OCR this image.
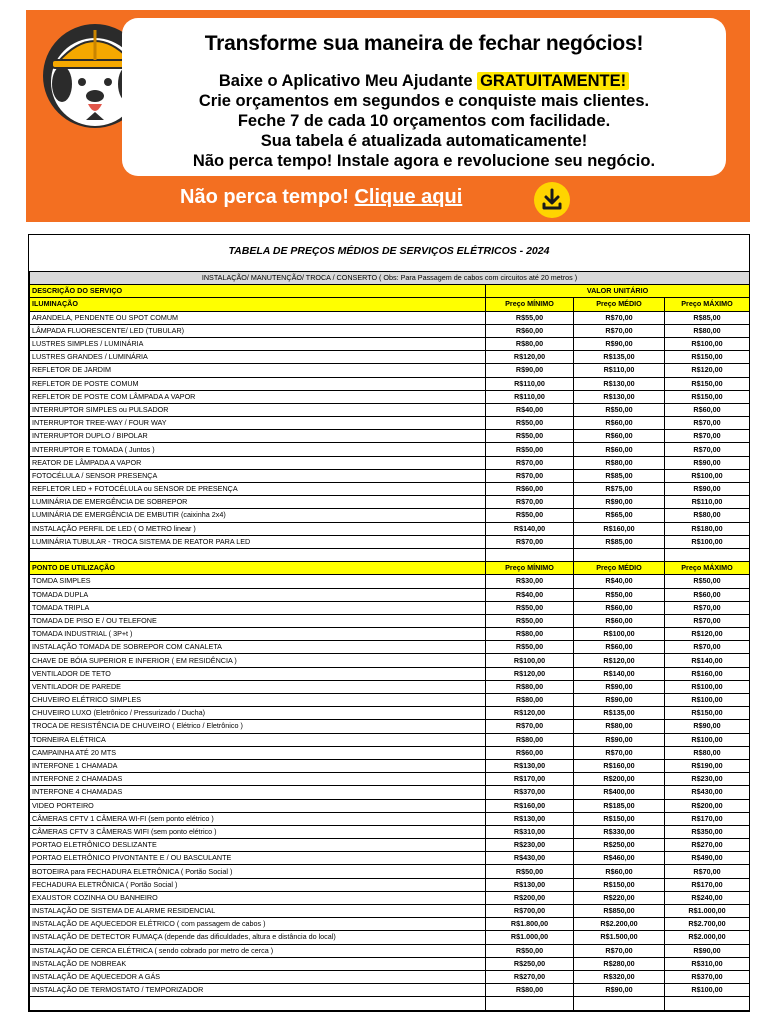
Transforme sua maneira de fechar negócios!
Baixe o Aplicativo Meu Ajudante GRATUITAMENTE!
Crie orçamentos em segundos e conquiste mais clientes.
Feche 7 de cada 10 orçamentos com facilidade.
Sua tabela é atualizada automaticamente!
Não perca tempo! Instale agora e revolucione seu negócio.
Não perca tempo! Clique aqui
TABELA DE PREÇOS MÉDIOS DE SERVIÇOS ELÉTRICOS - 2024
INSTALAÇÃO/ MANUTENÇÃO/ TROCA / CONSERTO ( Obs: Para Passagem de cabos com circuitos até 20 metros )			
DESCRIÇÃO DO SERVIÇO	VALOR UNITÁRIO		
ILUMINAÇÃO	Preço MÍNIMO	Preço MÉDIO	Preço MÁXIMO
ARANDELA, PENDENTE OU SPOT COMUM	R$55,00	R$70,00	R$85,00
LÂMPADA FLUORESCENTE/ LED (TUBULAR)	R$60,00	R$70,00	R$80,00
LUSTRES SIMPLES / LUMINÁRIA	R$80,00	R$90,00	R$100,00
LUSTRES GRANDES / LUMINÁRIA	R$120,00	R$135,00	R$150,00
REFLETOR DE JARDIM	R$90,00	R$110,00	R$120,00
REFLETOR DE POSTE COMUM	R$110,00	R$130,00	R$150,00
REFLETOR DE POSTE COM LÂMPADA A VAPOR	R$110,00	R$130,00	R$150,00
INTERRUPTOR SIMPLES ou PULSADOR	R$40,00	R$50,00	R$60,00
INTERRUPTOR TREE-WAY / FOUR WAY	R$50,00	R$60,00	R$70,00
INTERRUPTOR DUPLO / BIPOLAR	R$50,00	R$60,00	R$70,00
INTERRUPTOR E TOMADA ( Juntos )	R$50,00	R$60,00	R$70,00
REATOR DE LÂMPADA A VAPOR	R$70,00	R$80,00	R$90,00
FOTOCÉLULA / SENSOR PRESENÇA	R$70,00	R$85,00	R$100,00
REFLETOR LED + FOTOCÉLULA ou SENSOR DE PRESENÇA	R$60,00	R$75,00	R$90,00
LUMINÁRIA DE EMERGÊNCIA DE SOBREPOR	R$70,00	R$90,00	R$110,00
LUMINÁRIA DE EMERGÊNCIA DE EMBUTIR (caixinha 2x4)	R$50,00	R$65,00	R$80,00
INSTALAÇÃO PERFIL DE LED ( O METRO linear )	R$140,00	R$160,00	R$180,00
LUMINÁRIA TUBULAR - TROCA SISTEMA DE REATOR PARA LED	R$70,00	R$85,00	R$100,00

PONTO DE UTILIZAÇÃO	Preço MÍNIMO	Preço MÉDIO	Preço MÁXIMO
TOMDA SIMPLES	R$30,00	R$40,00	R$50,00
TOMADA DUPLA	R$40,00	R$50,00	R$60,00
TOMADA TRIPLA	R$50,00	R$60,00	R$70,00
TOMADA DE PISO E / OU TELEFONE	R$50,00	R$60,00	R$70,00
TOMADA INDUSTRIAL ( 3P+t )	R$80,00	R$100,00	R$120,00
INSTALAÇÃO TOMADA DE SOBREPOR COM CANALETA	R$50,00	R$60,00	R$70,00
CHAVE DE BÓIA SUPERIOR E INFERIOR ( EM RESIDÊNCIA )	R$100,00	R$120,00	R$140,00
VENTILADOR DE TETO	R$120,00	R$140,00	R$160,00
VENTILADOR DE PAREDE	R$80,00	R$90,00	R$100,00
CHUVEIRO ELÉTRICO SIMPLES	R$80,00	R$90,00	R$100,00
CHUVEIRO LUXO (Eletrônico / Pressurizado / Ducha)	R$120,00	R$135,00	R$150,00
TROCA DE RESISTÊNCIA DE CHUVEIRO ( Elétrico / Eletrônico )	R$70,00	R$80,00	R$90,00
TORNEIRA ELÉTRICA	R$80,00	R$90,00	R$100,00
CAMPAINHA ATÉ 20 MTS	R$60,00	R$70,00	R$80,00
INTERFONE 1 CHAMADA	R$130,00	R$160,00	R$190,00
INTERFONE 2 CHAMADAS	R$170,00	R$200,00	R$230,00
INTERFONE 4 CHAMADAS	R$370,00	R$400,00	R$430,00
VIDEO PORTEIRO	R$160,00	R$185,00	R$200,00
CÂMERAS CFTV 1 CÂMERA WI-FI (sem ponto elétrico )	R$130,00	R$150,00	R$170,00
CÂMERAS CFTV 3 CÂMERAS WIFI (sem ponto elétrico )	R$310,00	R$330,00	R$350,00
PORTAO ELETRÔNICO DESLIZANTE	R$230,00	R$250,00	R$270,00
PORTAO ELETRÔNICO PIVONTANTE E / OU BASCULANTE	R$430,00	R$460,00	R$490,00
BOTOEIRA para FECHADURA ELETRÔNICA ( Portão Social )	R$50,00	R$60,00	R$70,00
FECHADURA ELETRÔNICA ( Portão Social )	R$130,00	R$150,00	R$170,00
EXAUSTOR COZINHA OU BANHEIRO	R$200,00	R$220,00	R$240,00
INSTALAÇÃO DE SISTEMA DE ALARME RESIDENCIAL	R$700,00	R$850,00	R$1.000,00
INSTALAÇÃO DE AQUECEDOR ELÉTRICO ( com passagem de cabos )	R$1.800,00	R$2.200,00	R$2.700,00
INSTALAÇÃO DE DETECTOR FUMAÇA (depende das dificuldades, altura e distância do local)	R$1.000,00	R$1.500,00	R$2.000,00
INSTALAÇÃO DE CERCA ELÉTRICA ( sendo cobrado por metro de cerca )	R$50,00	R$70,00	R$90,00
INSTALAÇÃO DE NOBREAK	R$250,00	R$280,00	R$310,00
INSTALAÇÃO DE AQUECEDOR A GÁS	R$270,00	R$320,00	R$370,00
INSTALAÇÃO DE TERMOSTATO / TEMPORIZADOR	R$80,00	R$90,00	R$100,00
